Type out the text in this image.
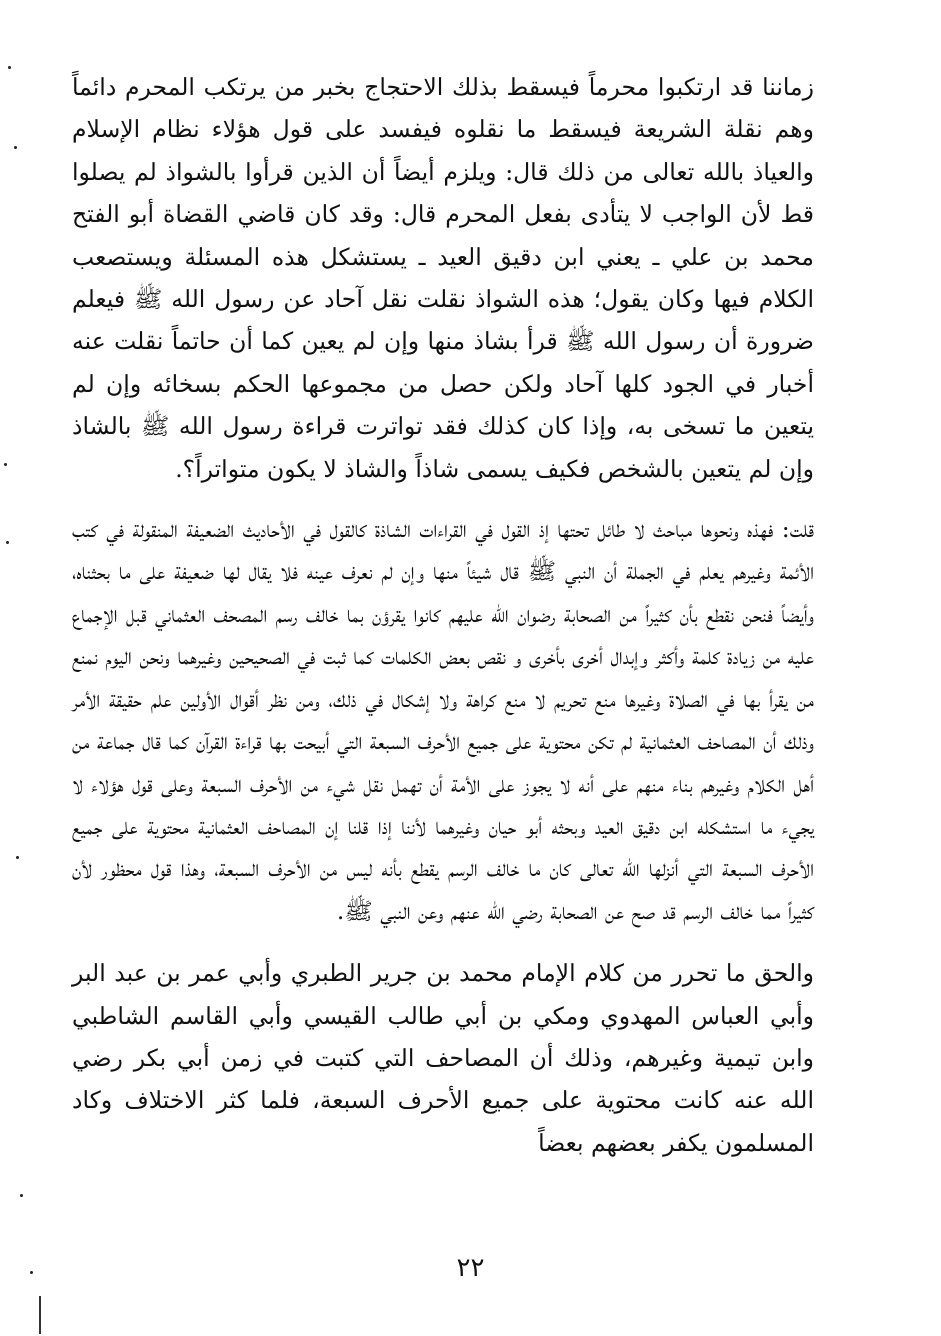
زماننا قد ارتكبوا محرماً فيسقط بذلك الاحتجاج بخبر من يرتكب المحرم دائماً وهم نقلة الشريعة فيسقط ما نقلوه فيفسد على قول هؤلاء نظام الإسلام والعياذ بالله تعالى من ذلك قال: ويلزم أيضاً أن الذين قرأوا بالشواذ لم يصلوا قط لأن الواجب لا يتأدى بفعل المحرم قال: وقد كان قاضي القضاة أبو الفتح محمد بن علي ـ يعني ابن دقيق العيد ـ يستشكل هذه المسئلة ويستصعب الكلام فيها وكان يقول؛ هذه الشواذ نقلت نقل آحاد عن رسول الله ﷺ فيعلم ضرورة أن رسول الله ﷺ قرأ بشاذ منها وإن لم يعين كما أن حاتماً نقلت عنه أخبار في الجود كلها آحاد ولكن حصل من مجموعها الحكم بسخائه وإن لم يتعين ما تسخى به، وإذا كان كذلك فقد تواترت قراءة رسول الله ﷺ بالشاذ وإن لم يتعين بالشخص فكيف يسمى شاذاً والشاذ لا يكون متواتراً؟.

قلت: فهذه ونحوها مباحث لا طائل تحتها إذ القول في القراءات الشاذة كالقول في الأحاديث الضعيفة المنقولة في كتب الأئمة وغيرهم يعلم في الجملة أن النبي ﷺ قال شيئاً منها وإن لم نعرف عينه فلا يقال لها ضعيفة على ما بحثناه، وأيضاً فنحن نقطع بأن كثيراً من الصحابة رضوان الله عليهم كانوا يقرؤن بما خالف رسم المصحف العثماني قبل الإجماع عليه من زيادة كلمة وأكثر وإبدال أخرى بأخرى و نقص بعض الكلمات كما ثبت في الصحيحين وغيرهما ونحن اليوم نمنع من يقرأ بها في الصلاة وغيرها منع تحريم لا منع كراهة ولا إشكال في ذلك، ومن نظر أقوال الأولين علم حقيقة الأمر وذلك أن المصاحف العثمانية لم تكن محتوية على جميع الأحرف السبعة التي أبيحت بها قراءة القرآن كما قال جماعة من أهل الكلام وغيرهم بناء منهم على أنه لا يجوز على الأمة أن تهمل نقل شيء من الأحرف السبعة وعلى قول هؤلاء لا يجيء ما استشكله ابن دقيق العيد وبحثه أبو حيان وغيرهما لأننا إذا قلنا إن المصاحف العثمانية محتوية على جميع الأحرف السبعة التي أنزلها الله تعالى كان ما خالف الرسم يقطع بأنه ليس من الأحرف السبعة، وهذا قول محظور لأن كثيراً مما خالف الرسم قد صح عن الصحابة رضي الله عنهم وعن النبي ﷺ.

والحق ما تحرر من كلام الإمام محمد بن جرير الطبري وأبي عمر بن عبد البر وأبي العباس المهدوي ومكي بن أبي طالب القيسي وأبي القاسم الشاطبي وابن تيمية وغيرهم، وذلك أن المصاحف التي كتبت في زمن أبي بكر رضي الله عنه كانت محتوية على جميع الأحرف السبعة، فلما كثر الاختلاف وكاد المسلمون يكفر بعضهم بعضاً

٢٢
